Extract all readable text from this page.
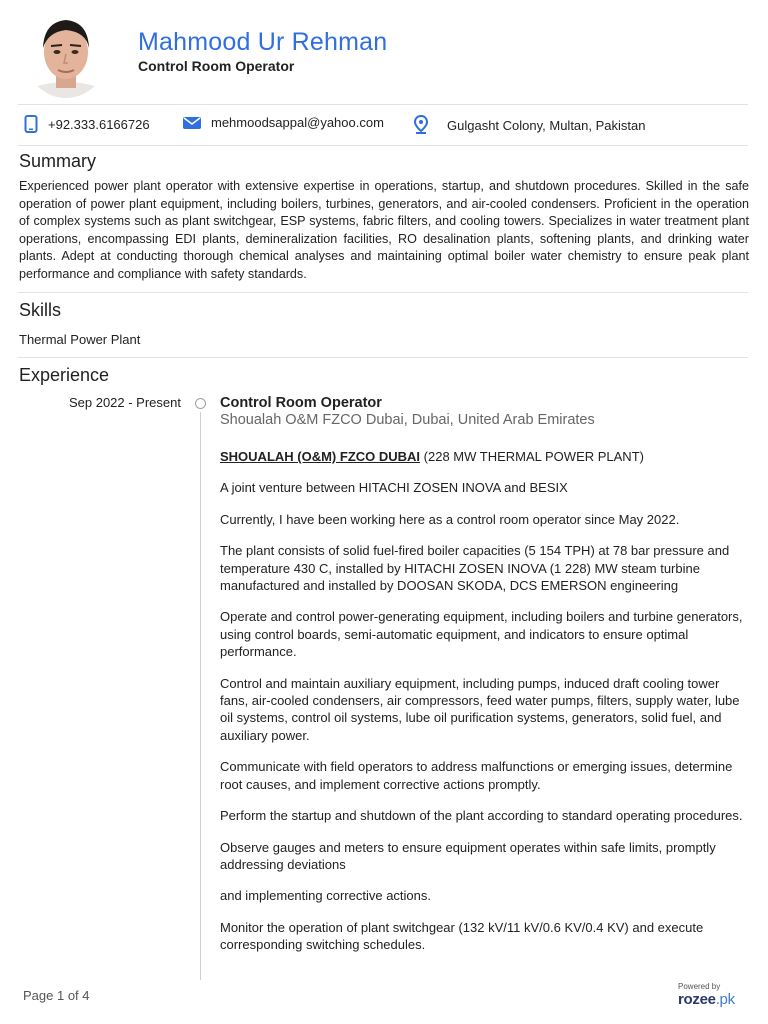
Mahmood Ur Rehman
Control Room Operator
+92.333.6166726	mehmoodsappal@yahoo.com	Gulgasht Colony, Multan, Pakistan
Summary
Experienced power plant operator with extensive expertise in operations, startup, and shutdown procedures. Skilled in the safe operation of power plant equipment, including boilers, turbines, generators, and air-cooled condensers. Proficient in the operation of complex systems such as plant switchgear, ESP systems, fabric filters, and cooling towers. Specializes in water treatment plant operations, encompassing EDI plants, demineralization facilities, RO desalination plants, softening plants, and drinking water plants. Adept at conducting thorough chemical analyses and maintaining optimal boiler water chemistry to ensure peak plant performance and compliance with safety standards.
Skills
Thermal Power Plant
Experience
Sep 2022 - Present	Control Room Operator
Shoualah O&M FZCO Dubai, Dubai, United Arab Emirates

SHOUALAH (O&M) FZCO DUBAI (228 MW THERMAL POWER PLANT)

A joint venture between HITACHI ZOSEN INOVA and BESIX

Currently, I have been working here as a control room operator since May 2022.

The plant consists of solid fuel-fired boiler capacities (5 154 TPH) at 78 bar pressure and temperature 430 C, installed by HITACHI ZOSEN INOVA (1 228) MW steam turbine manufactured and installed by DOOSAN SKODA, DCS EMERSON engineering

Operate and control power-generating equipment, including boilers and turbine generators, using control boards, semi-automatic equipment, and indicators to ensure optimal performance.

Control and maintain auxiliary equipment, including pumps, induced draft cooling tower fans, air-cooled condensers, air compressors, feed water pumps, filters, supply water, lube oil systems, control oil systems, lube oil purification systems, generators, solid fuel, and auxiliary power.

Communicate with field operators to address malfunctions or emerging issues, determine root causes, and implement corrective actions promptly.

Perform the startup and shutdown of the plant according to standard operating procedures.

Observe gauges and meters to ensure equipment operates within safe limits, promptly addressing deviations

and implementing corrective actions.

Monitor the operation of plant switchgear (132 kV/11 kV/0.6 KV/0.4 KV) and execute corresponding switching schedules.

Page 1 of 4
Powered by
rozee.pk
